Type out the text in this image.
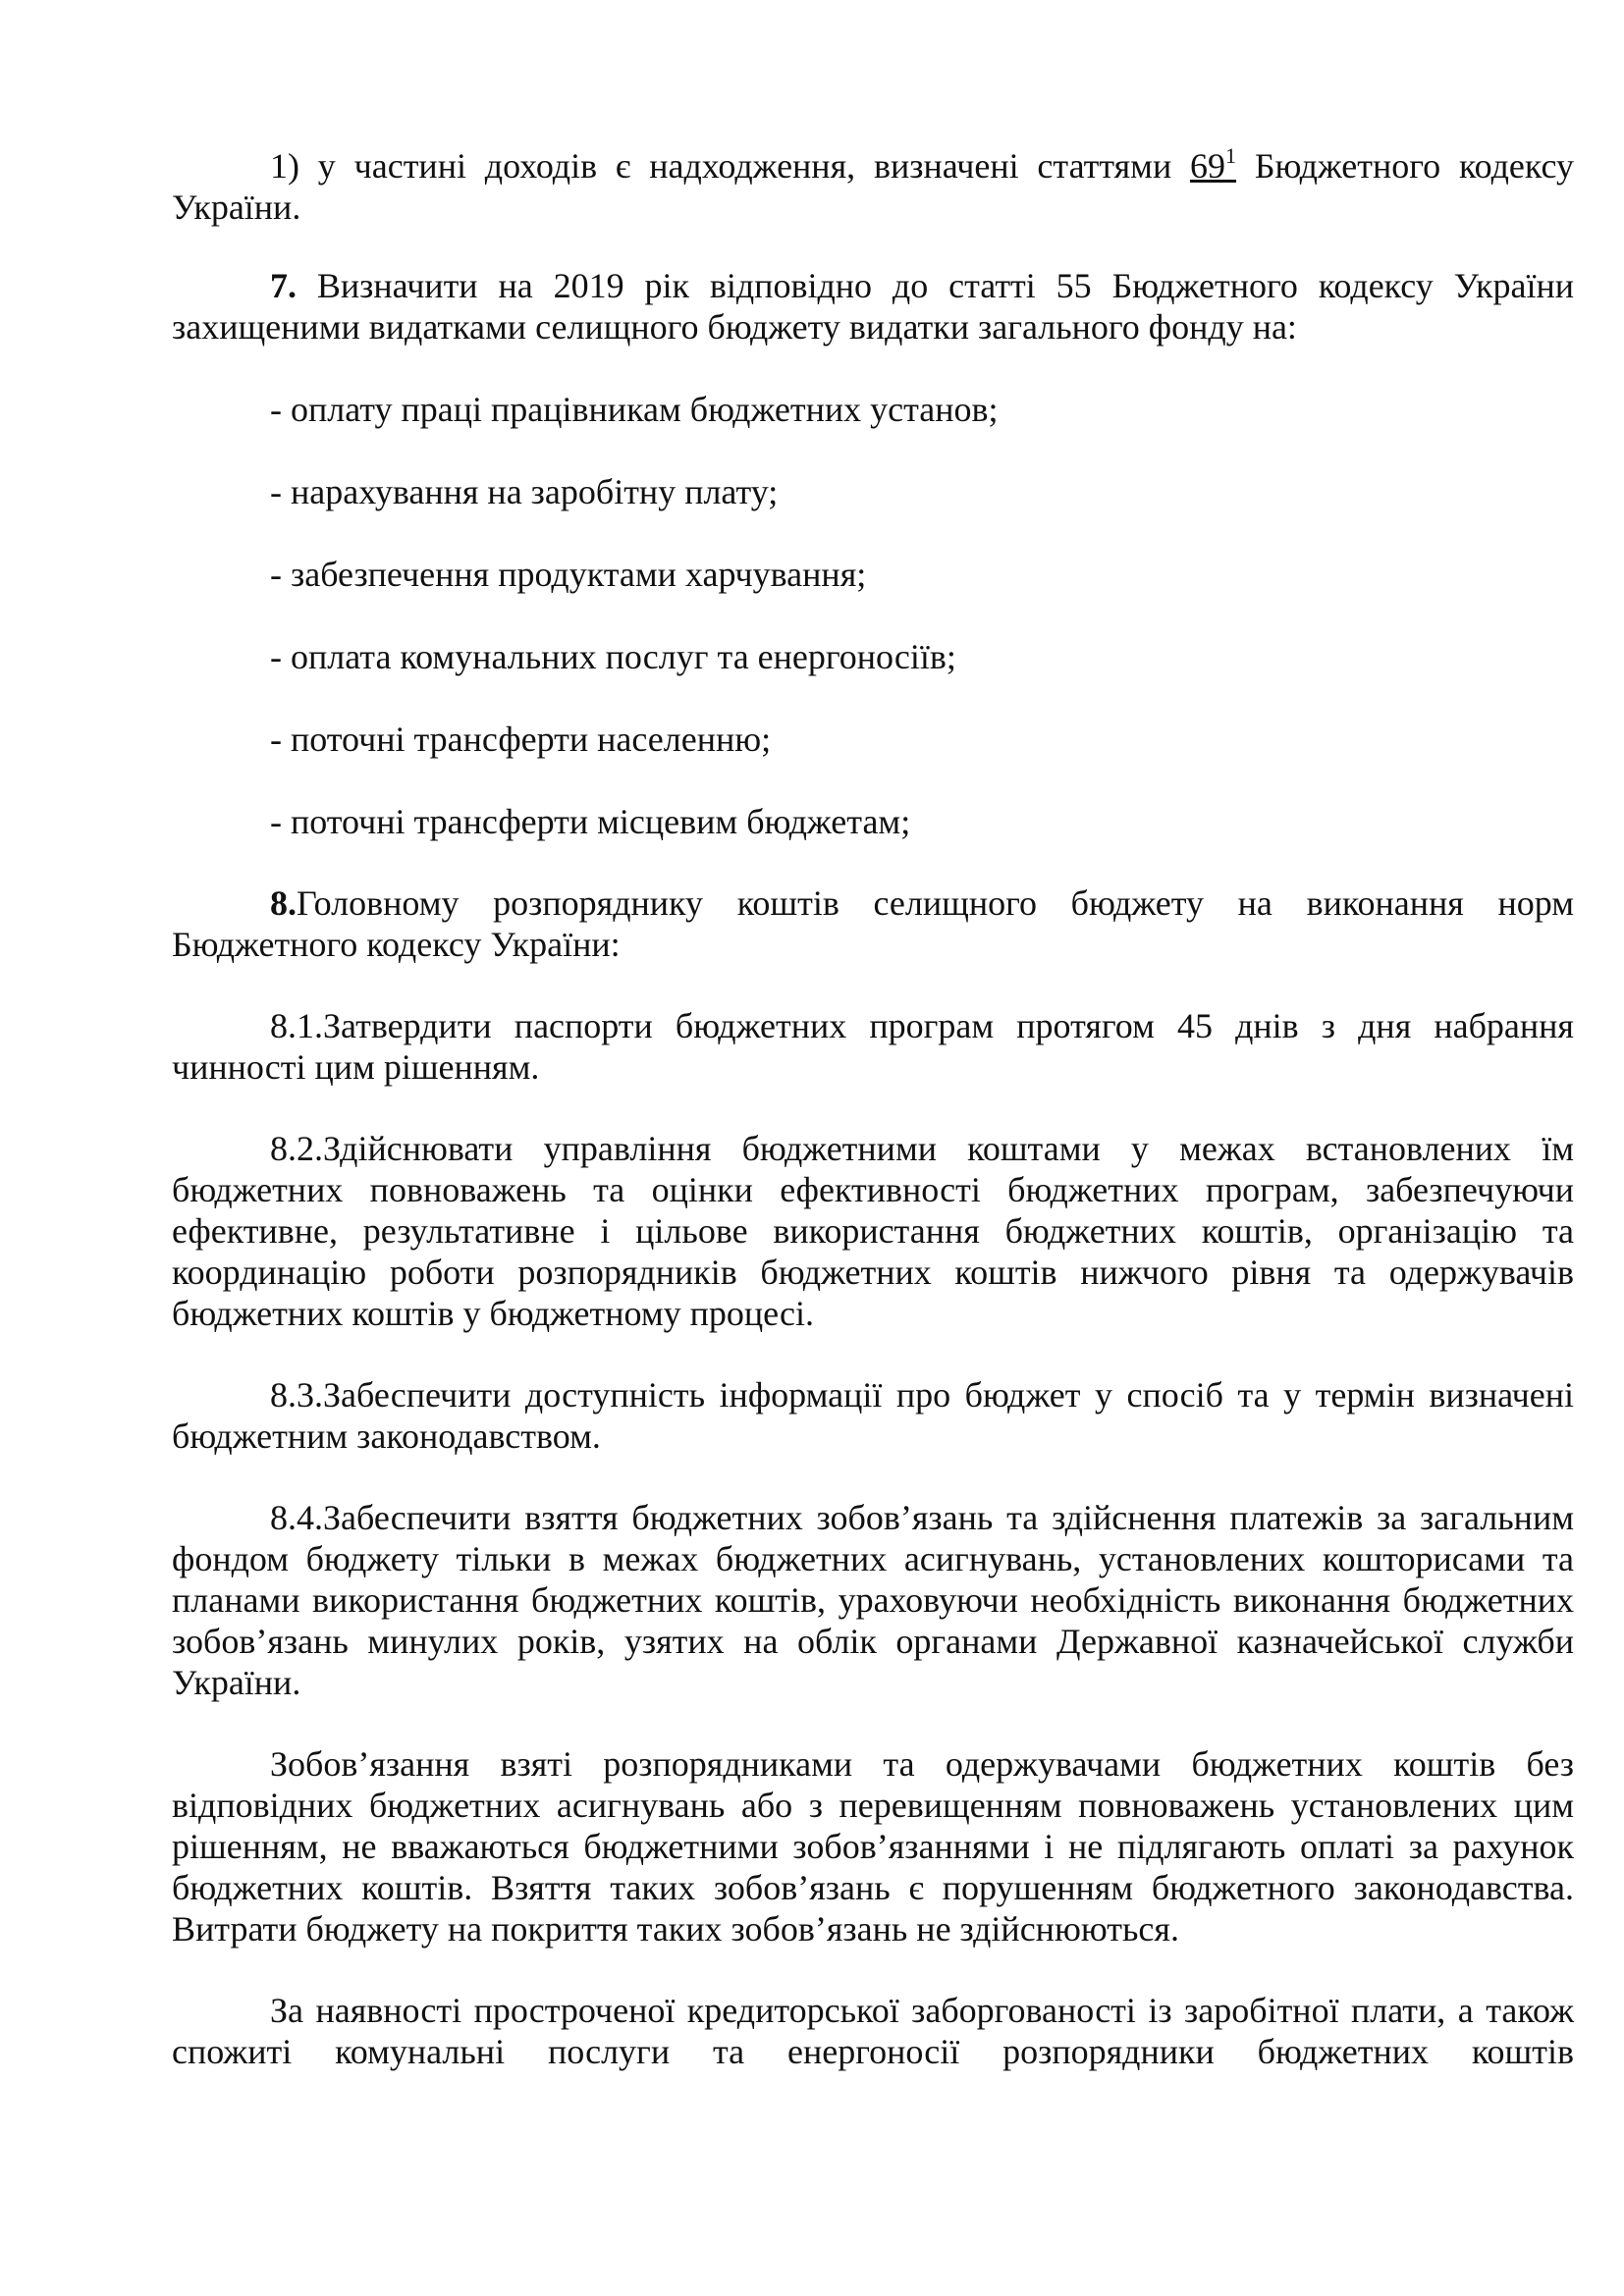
1) у частині доходів є надходження, визначені статтями $69^1$ Бюджетного кодексу України.

7. Визначити на 2019 рік відповідно до статті 55 Бюджетного кодексу України захищеними видатками селищного бюджету видатки загального фонду на:

- оплату праці працівникам бюджетних установ;

- нарахування на заробітну плату;

- забезпечення продуктами харчування;

- оплата комунальних послуг та енергоносіїв;

- поточні трансферти населенню;

- поточні трансферти місцевим бюджетам;

8.Головному розпоряднику коштів селищного бюджету на виконання норм Бюджетного кодексу України:

8.1.Затвердити паспорти бюджетних програм протягом 45 днів з дня набрання чинності цим рішенням.

8.2.Здійснювати управління бюджетними коштами у межах встановлених їм бюджетних повноважень та оцінки ефективності бюджетних програм, забезпечуючи ефективне, результативне і цільове використання бюджетних коштів, організацію та координацію роботи розпорядників бюджетних коштів нижчого рівня та одержувачів бюджетних коштів у бюджетному процесі.

8.3.Забеспечити доступність інформації про бюджет у спосіб та у термін визначені бюджетним законодавством.

8.4.Забеспечити взяття бюджетних зобов’язань та здійснення платежів за загальним фондом бюджету тільки в межах бюджетних асигнувань, установлених кошторисами та планами використання бюджетних коштів, ураховуючи необхідність виконання бюджетних зобов’язань минулих років, узятих на облік органами Державної казначейської служби України.

Зобов’язання взяті розпорядниками та одержувачами бюджетних коштів без відповідних бюджетних асигнувань або з перевищенням повноважень установлених цим рішенням, не вважаються бюджетними зобов’язаннями і не підлягають оплаті за рахунок бюджетних коштів. Взяття таких зобов’язань є порушенням бюджетного законодавства. Витрати бюджету на покриття таких зобов’язань не здійснюються.

За наявності простроченої кредиторської заборгованості із заробітної плати, а також спожиті комунальні послуги та енергоносії розпорядники бюджетних коштів
